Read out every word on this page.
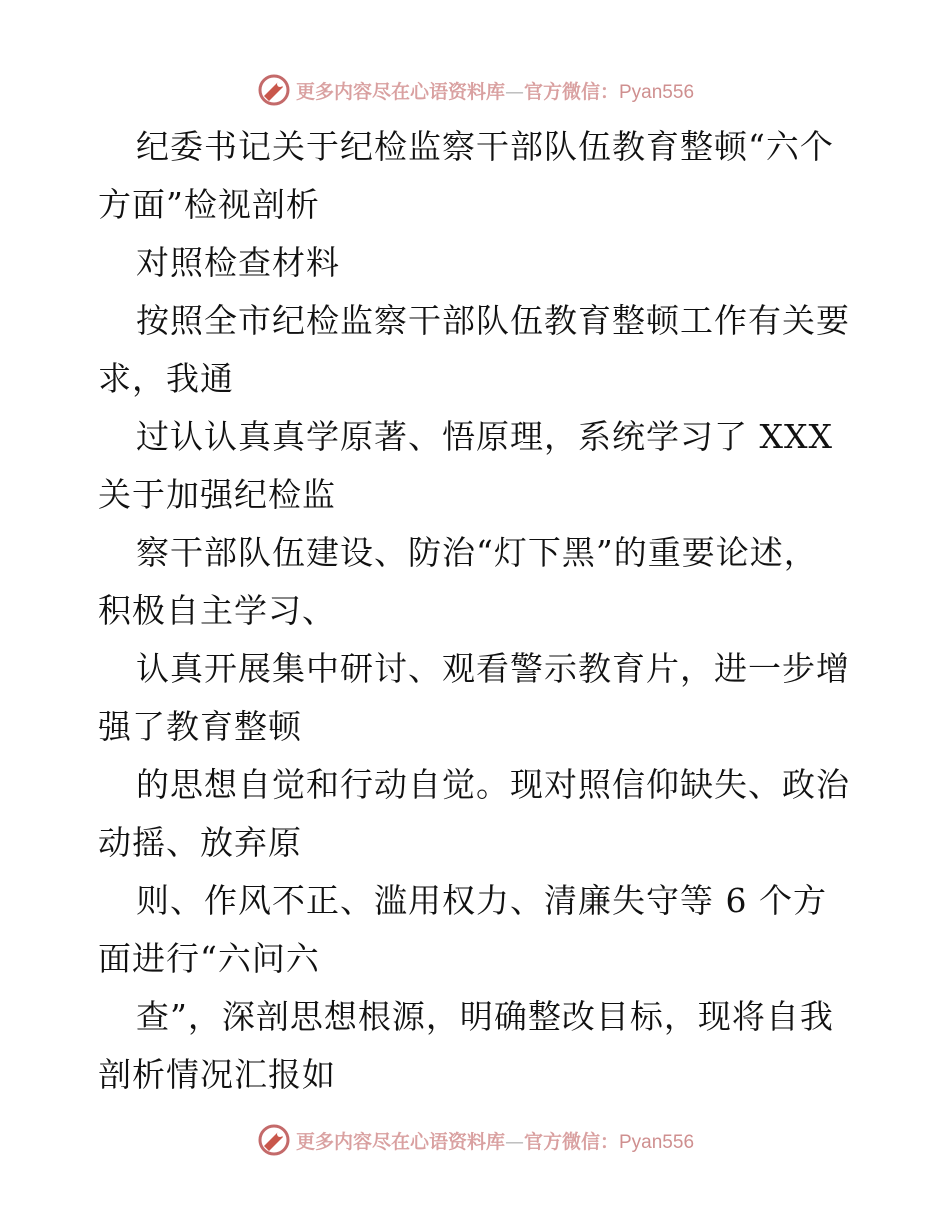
更多内容尽在心语资料库—官方微信：Pyan556
纪委书记关于纪检监察干部队伍教育整顿“六个
方面”检视剖析
对照检查材料
按照全市纪检监察干部队伍教育整顿工作有关要
求，我通
过认认真真学原著、悟原理，系统学习了 XXX
关于加强纪检监
察干部队伍建设、防治“灯下黑”的重要论述，
积极自主学习、
认真开展集中研讨、观看警示教育片，进一步增
强了教育整顿
的思想自觉和行动自觉。现对照信仰缺失、政治
动摇、放弃原
则、作风不正、滥用权力、清廉失守等 6 个方
面进行“六问六
查”，深剖思想根源，明确整改目标，现将自我
剖析情况汇报如
更多内容尽在心语资料库—官方微信：Pyan556
